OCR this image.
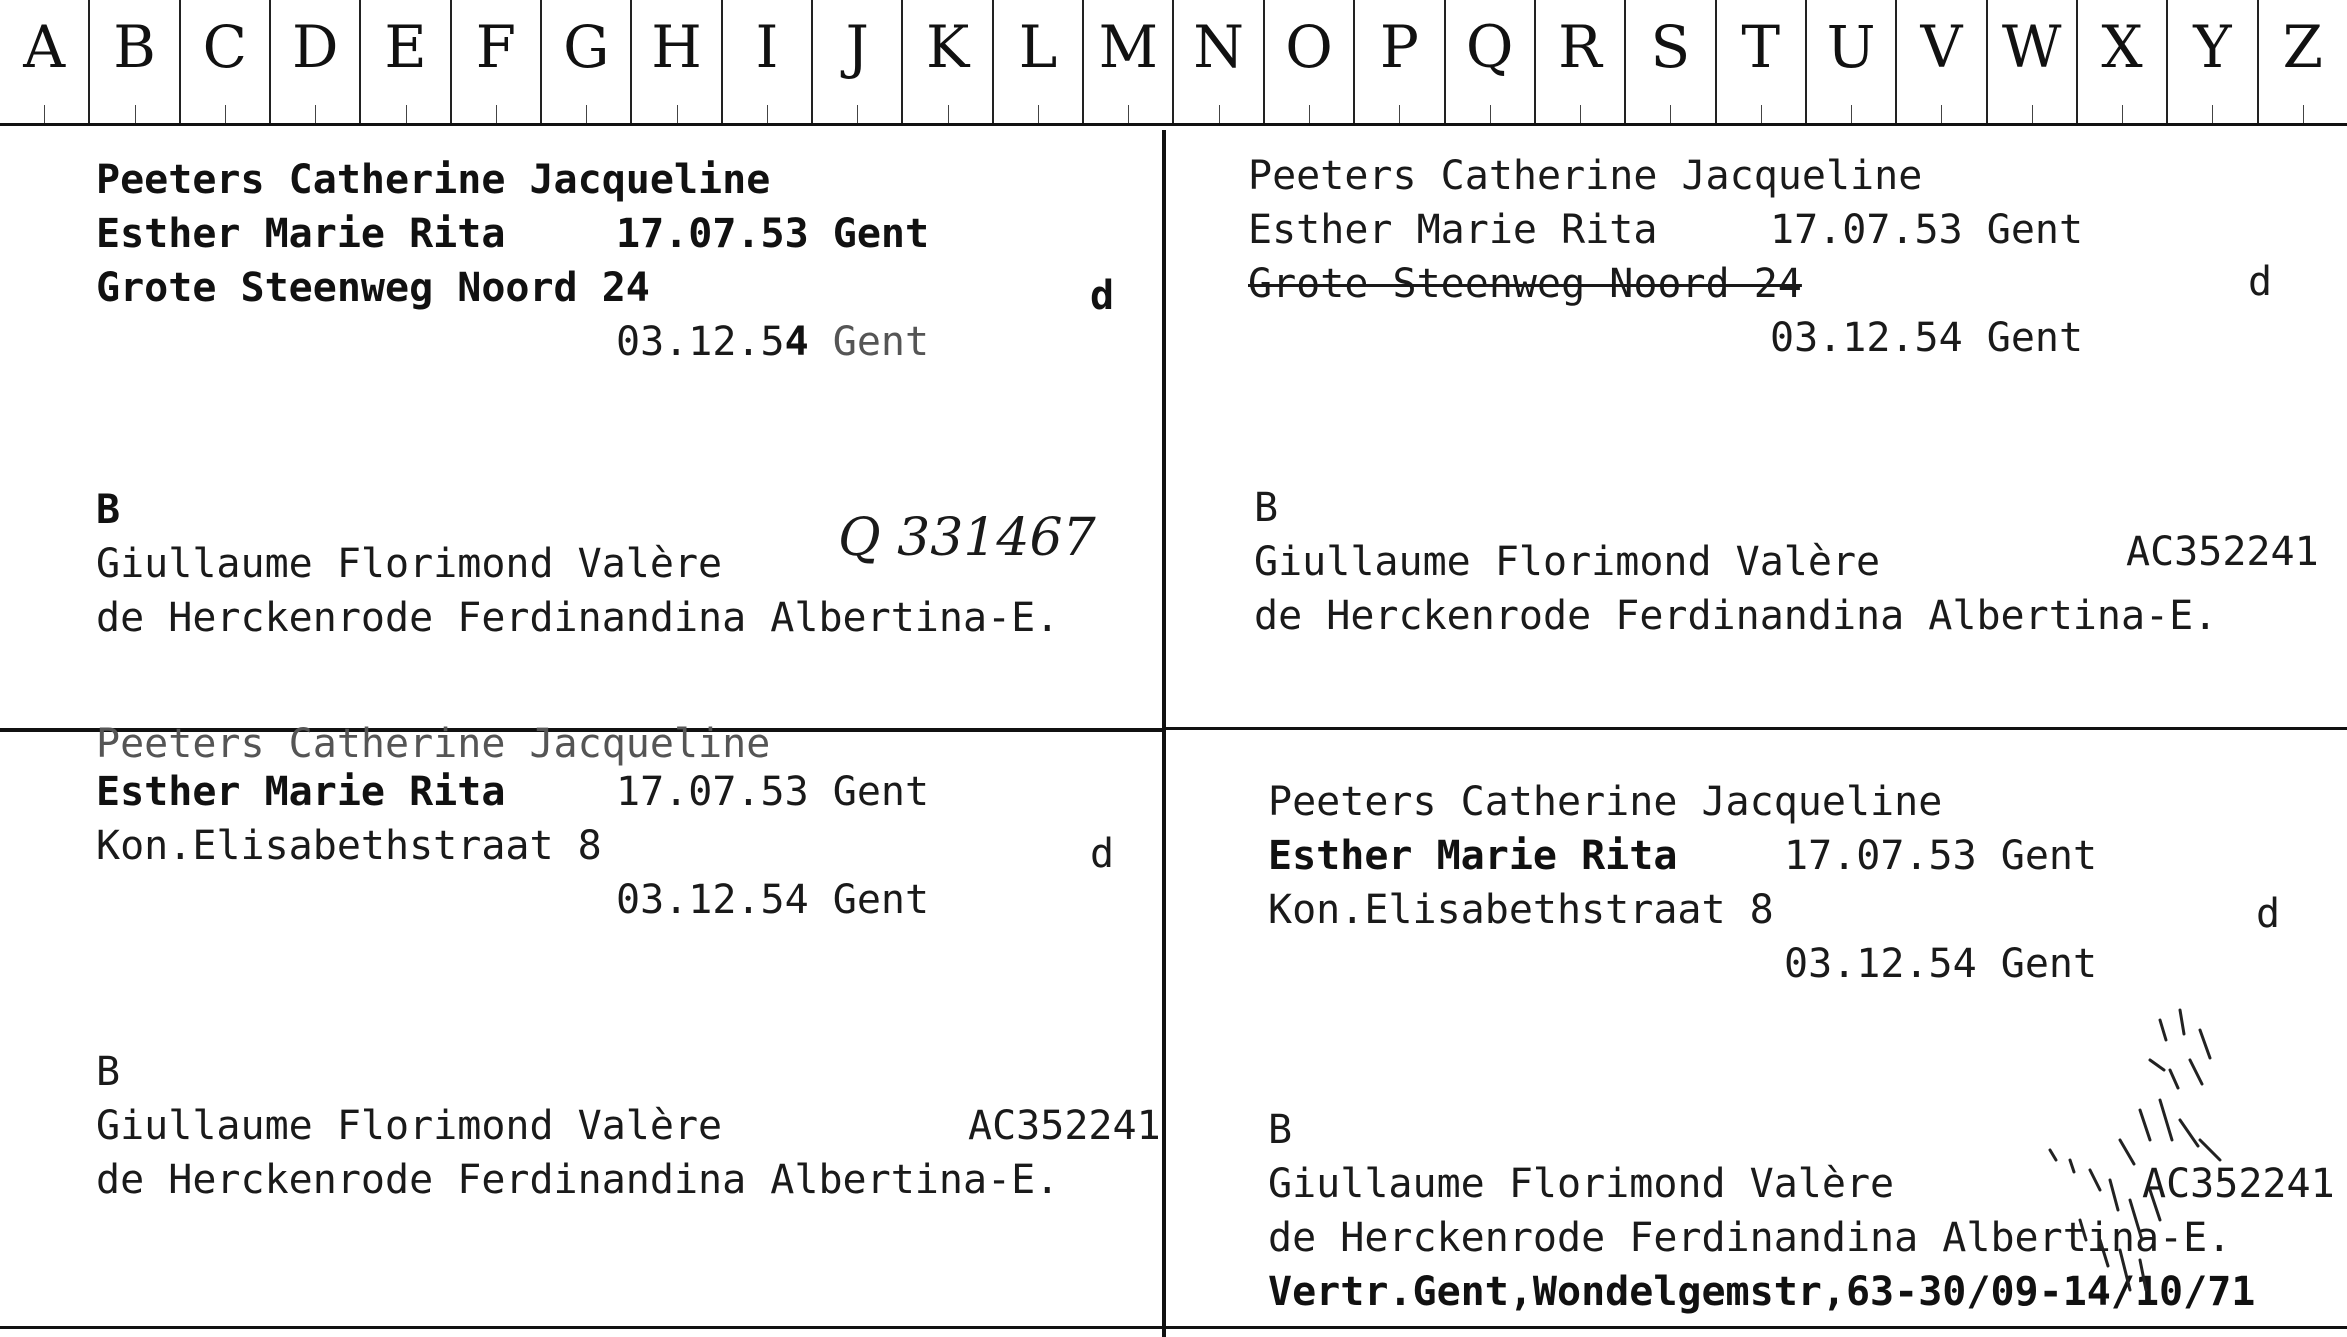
A B C D E F G H I	J K L M N O P Q R S T U V W X Y Z
Peeters Catherine Jacqueline
Esther Marie Rita	17.07.53 Gent
Grote Steenweg Noord 24	d
03.12.54 Gent
B
Giullaume Florimond Valère Q 331467
de Herckenrode Ferdinandina Albertina-E.
Peeters Catherine Jacqueline
Esther Marie Rita	17.07.53 Gent
Grote Steenweg Noord 24	d
03.12.54 Gent
B
Giullaume Florimond Valère	AC352241
de Herckenrode Ferdinandina Albertina-E.
Peeters Catherine Jacqueline
Esther Marie Rita	17.07.53 Gent
Kon.Elisabethstraat 8	d
03.12.54 Gent
B
Giullaume Florimond Valère	AC352241
de Herckenrode Ferdinandina Albertina-E.
Peeters Catherine Jacqueline
Esther Marie Rita	17.07.53 Gent
Kon.Elisabethstraat 8	d
03.12.54 Gent
B
Giullaume Florimond Valère	AC352241
de Herckenrode Ferdinandina Albertina-E.
Vertr.Gent,Wondelgemstr,63-30/09-14/10/71
